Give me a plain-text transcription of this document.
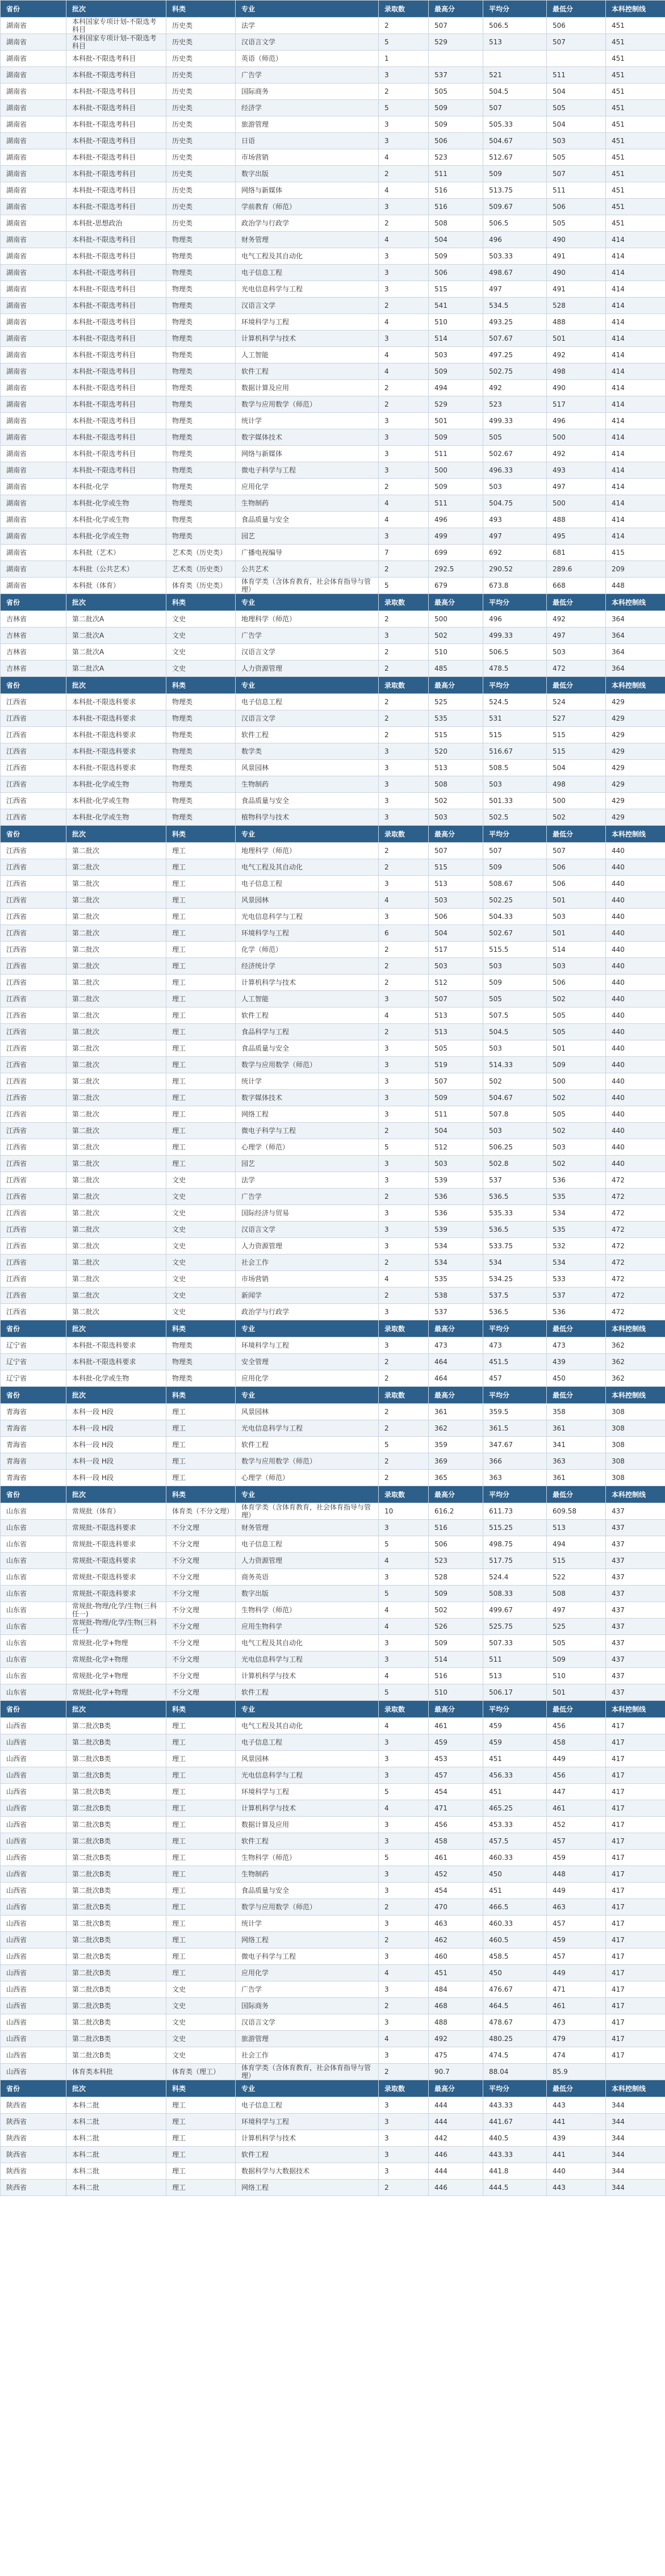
省份	批次	科类	专业	录取数	最高分	平均分	最低分	本科控制线
湖南省	本科国家专项计划-不限选考科目	历史类	法学	2	507	506.5	506	451
湖南省	本科国家专项计划-不限选考科目	历史类	汉语言文学	5	529	513	507	451
湖南省	本科批-不限选考科目	历史类	英语（师范）	1				451
湖南省	本科批-不限选考科目	历史类	广告学	3	537	521	511	451
湖南省	本科批-不限选考科目	历史类	国际商务	2	505	504.5	504	451
湖南省	本科批-不限选考科目	历史类	经济学	5	509	507	505	451
湖南省	本科批-不限选考科目	历史类	旅游管理	3	509	505.33	504	451
湖南省	本科批-不限选考科目	历史类	日语	3	506	504.67	503	451
湖南省	本科批-不限选考科目	历史类	市场营销	4	523	512.67	505	451
湖南省	本科批-不限选考科目	历史类	数字出版	2	511	509	507	451
湖南省	本科批-不限选考科目	历史类	网络与新媒体	4	516	513.75	511	451
湖南省	本科批-不限选考科目	历史类	学前教育（师范）	3	516	509.67	506	451
湖南省	本科批-思想政治	历史类	政治学与行政学	2	508	506.5	505	451
湖南省	本科批-不限选考科目	物理类	财务管理	4	504	496	490	414
湖南省	本科批-不限选考科目	物理类	电气工程及其自动化	3	509	503.33	491	414
湖南省	本科批-不限选考科目	物理类	电子信息工程	3	506	498.67	490	414
湖南省	本科批-不限选考科目	物理类	光电信息科学与工程	3	515	497	491	414
湖南省	本科批-不限选考科目	物理类	汉语言文学	2	541	534.5	528	414
湖南省	本科批-不限选考科目	物理类	环境科学与工程	4	510	493.25	488	414
湖南省	本科批-不限选考科目	物理类	计算机科学与技术	3	514	507.67	501	414
湖南省	本科批-不限选考科目	物理类	人工智能	4	503	497.25	492	414
湖南省	本科批-不限选考科目	物理类	软件工程	4	509	502.75	498	414
湖南省	本科批-不限选考科目	物理类	数据计算及应用	2	494	492	490	414
湖南省	本科批-不限选考科目	物理类	数学与应用数学（师范）	2	529	523	517	414
湖南省	本科批-不限选考科目	物理类	统计学	3	501	499.33	496	414
湖南省	本科批-不限选考科目	物理类	数字媒体技术	3	509	505	500	414
湖南省	本科批-不限选考科目	物理类	网络与新媒体	3	511	502.67	492	414
湖南省	本科批-不限选考科目	物理类	微电子科学与工程	3	500	496.33	493	414
湖南省	本科批-化学	物理类	应用化学	2	509	503	497	414
湖南省	本科批-化学或生物	物理类	生物制药	4	511	504.75	500	414
湖南省	本科批-化学或生物	物理类	食品质量与安全	4	496	493	488	414
湖南省	本科批-化学或生物	物理类	园艺	3	499	497	495	414
湖南省	本科批（艺术）	艺术类（历史类）	广播电视编导	7	699	692	681	415
湖南省	本科批（公共艺术）	艺术类（历史类）	公共艺术	2	292.5	290.52	289.6	209
湖南省	本科批（体育）	体育类（历史类）	体育学类（含体育教育，社会体育指导与管理）	5	679	673.8	668	448
省份	批次	科类	专业	录取数	最高分	平均分	最低分	本科控制线
吉林省	第二批次A	文史	地理科学（师范）	2	500	496	492	364
吉林省	第二批次A	文史	广告学	3	502	499.33	497	364
吉林省	第二批次A	文史	汉语言文学	2	510	506.5	503	364
吉林省	第二批次A	文史	人力资源管理	2	485	478.5	472	364
省份	批次	科类	专业	录取数	最高分	平均分	最低分	本科控制线
江西省	本科批-不限选科要求	物理类	电子信息工程	2	525	524.5	524	429
江西省	本科批-不限选科要求	物理类	汉语言文学	2	535	531	527	429
江西省	本科批-不限选科要求	物理类	软件工程	2	515	515	515	429
江西省	本科批-不限选科要求	物理类	数学类	3	520	516.67	515	429
江西省	本科批-不限选科要求	物理类	风景园林	3	513	508.5	504	429
江西省	本科批-化学或生物	物理类	生物制药	3	508	503	498	429
江西省	本科批-化学或生物	物理类	食品质量与安全	3	502	501.33	500	429
江西省	本科批-化学或生物	物理类	植物科学与技术	3	503	502.5	502	429
省份	批次	科类	专业	录取数	最高分	平均分	最低分	本科控制线
江西省	第二批次	理工	地理科学（师范）	2	507	507	507	440
江西省	第二批次	理工	电气工程及其自动化	2	515	509	506	440
江西省	第二批次	理工	电子信息工程	3	513	508.67	506	440
江西省	第二批次	理工	风景园林	4	503	502.25	501	440
江西省	第二批次	理工	光电信息科学与工程	3	506	504.33	503	440
江西省	第二批次	理工	环境科学与工程	6	504	502.67	501	440
江西省	第二批次	理工	化学（师范）	2	517	515.5	514	440
江西省	第二批次	理工	经济统计学	2	503	503	503	440
江西省	第二批次	理工	计算机科学与技术	2	512	509	506	440
江西省	第二批次	理工	人工智能	3	507	505	502	440
江西省	第二批次	理工	软件工程	4	513	507.5	505	440
江西省	第二批次	理工	食品科学与工程	2	513	504.5	505	440
江西省	第二批次	理工	食品质量与安全	3	505	503	501	440
江西省	第二批次	理工	数学与应用数学（师范）	3	519	514.33	509	440
江西省	第二批次	理工	统计学	3	507	502	500	440
江西省	第二批次	理工	数字媒体技术	3	509	504.67	502	440
江西省	第二批次	理工	网络工程	3	511	507.8	505	440
江西省	第二批次	理工	微电子科学与工程	2	504	503	502	440
江西省	第二批次	理工	心理学（师范）	5	512	506.25	503	440
江西省	第二批次	理工	园艺	3	503	502.8	502	440
江西省	第二批次	文史	法学	3	539	537	536	472
江西省	第二批次	文史	广告学	2	536	536.5	535	472
江西省	第二批次	文史	国际经济与贸易	3	536	535.33	534	472
江西省	第二批次	文史	汉语言文学	3	539	536.5	535	472
江西省	第二批次	文史	人力资源管理	3	534	533.75	532	472
江西省	第二批次	文史	社会工作	2	534	534	534	472
江西省	第二批次	文史	市场营销	4	535	534.25	533	472
江西省	第二批次	文史	新闻学	2	538	537.5	537	472
江西省	第二批次	文史	政治学与行政学	3	537	536.5	536	472
省份	批次	科类	专业	录取数	最高分	平均分	最低分	本科控制线
辽宁省	本科批-不限选科要求	物理类	环境科学与工程	3	473	473	473	362
辽宁省	本科批-不限选科要求	物理类	安全管理	2	464	451.5	439	362
辽宁省	本科批-化学或生物	物理类	应用化学	2	464	457	450	362
省份	批次	科类	专业	录取数	最高分	平均分	最低分	本科控制线
青海省	本科一段 H段	理工	风景园林	2	361	359.5	358	308
青海省	本科一段 H段	理工	光电信息科学与工程	2	362	361.5	361	308
青海省	本科一段 H段	理工	软件工程	5	359	347.67	341	308
青海省	本科一段 H段	理工	数学与应用数学（师范）	2	369	366	363	308
青海省	本科一段 H段	理工	心理学（师范）	2	365	363	361	308
省份	批次	科类	专业	录取数	最高分	平均分	最低分	本科控制线
山东省	常规批（体育）	体育类（不分文理）	体育学类（含体育教育，社会体育指导与管理）	10	616.2	611.73	609.58	437
山东省	常规批-不限选科要求	不分文理	财务管理	3	516	515.25	513	437
山东省	常规批-不限选科要求	不分文理	电子信息工程	5	506	498.75	494	437
山东省	常规批-不限选科要求	不分文理	人力资源管理	4	523	517.75	515	437
山东省	常规批-不限选科要求	不分文理	商务英语	3	528	524.4	522	437
山东省	常规批-不限选科要求	不分文理	数字出版	5	509	508.33	508	437
山东省	常规批-物理/化学/生物(三科任一)	不分文理	生物科学（师范）	4	502	499.67	497	437
山东省	常规批-物理/化学/生物(三科任一)	不分文理	应用生物科学	4	526	525.75	525	437
山东省	常规批-化学+物理	不分文理	电气工程及其自动化	3	509	507.33	505	437
山东省	常规批-化学+物理	不分文理	光电信息科学与工程	3	514	511	509	437
山东省	常规批-化学+物理	不分文理	计算机科学与技术	4	516	513	510	437
山东省	常规批-化学+物理	不分文理	软件工程	5	510	506.17	501	437
省份	批次	科类	专业	录取数	最高分	平均分	最低分	本科控制线
山西省	第二批次B类	理工	电气工程及其自动化	4	461	459	456	417
山西省	第二批次B类	理工	电子信息工程	3	459	459	458	417
山西省	第二批次B类	理工	风景园林	3	453	451	449	417
山西省	第二批次B类	理工	光电信息科学与工程	3	457	456.33	456	417
山西省	第二批次B类	理工	环境科学与工程	5	454	451	447	417
山西省	第二批次B类	理工	计算机科学与技术	4	471	465.25	461	417
山西省	第二批次B类	理工	数据计算及应用	3	456	453.33	452	417
山西省	第二批次B类	理工	软件工程	3	458	457.5	457	417
山西省	第二批次B类	理工	生物科学（师范）	5	461	460.33	459	417
山西省	第二批次B类	理工	生物制药	3	452	450	448	417
山西省	第二批次B类	理工	食品质量与安全	3	454	451	449	417
山西省	第二批次B类	理工	数学与应用数学（师范）	2	470	466.5	463	417
山西省	第二批次B类	理工	统计学	3	463	460.33	457	417
山西省	第二批次B类	理工	网络工程	2	462	460.5	459	417
山西省	第二批次B类	理工	微电子科学与工程	3	460	458.5	457	417
山西省	第二批次B类	理工	应用化学	4	451	450	449	417
山西省	第二批次B类	文史	广告学	3	484	476.67	471	417
山西省	第二批次B类	文史	国际商务	2	468	464.5	461	417
山西省	第二批次B类	文史	汉语言文学	3	488	478.67	473	417
山西省	第二批次B类	文史	旅游管理	4	492	480.25	479	417
山西省	第二批次B类	文史	社会工作	3	475	474.5	474	417
山西省	体育类本科批	体育类（理工）	体育学类（含体育教育，社会体育指导与管理）	2	90.7	88.04	85.9	
省份	批次	科类	专业	录取数	最高分	平均分	最低分	本科控制线
陕西省	本科二批	理工	电子信息工程	3	444	443.33	443	344
陕西省	本科二批	理工	环境科学与工程	3	444	441.67	441	344
陕西省	本科二批	理工	计算机科学与技术	3	442	440.5	439	344
陕西省	本科二批	理工	软件工程	3	446	443.33	441	344
陕西省	本科二批	理工	数据科学与大数据技术	3	444	441.8	440	344
陕西省	本科二批	理工	网络工程	2	446	444.5	443	344
